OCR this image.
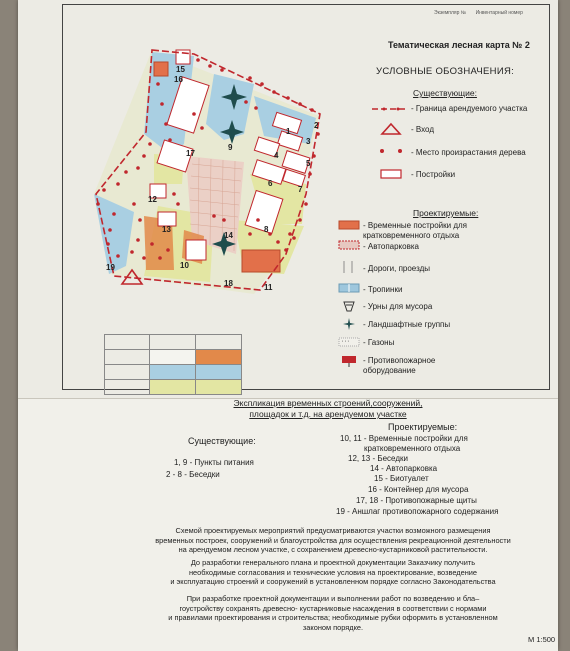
Экземпляр № Инвентарный номер
Тематическая лесная карта № 2
УСЛОВНЫЕ ОБОЗНАЧЕНИЯ:
Существующие:
- Граница арендуемого участка
- Вход
- Место произрастания дерева
- Постройки
Проектируемые:
- Временные постройки для
кратковременного отдыха
- Автопарковка
- Дороги, проезды
- Тропинки
- Урны для мусора
- Ландшафтные группы
' ' ' - Газоны
- Противопожарное
оборудование
15
16
1
2
3
4
5
6
7
8
9
10
11
12
13
14
17
18
19

Экспликация временных строений,сооружений,
площадок и т.д. на арендуемом участке
Существующие:
1, 9 - Пункты питания
2 - 8 - Беседки
Проектируемые:
10, 11 - Временные постройки для
кратковременного отдыха
12, 13 - Беседки
14 - Автопарковка
15 - Биотуалет
16 - Контейнер для мусора
17, 18 - Противопожарные щиты
19 - Аншлаг противопожарного содержания
Схемой проектируемых мероприятий предусматриваются участки возможного размещения
временных построек, сооружений и благоустройства для осуществления рекреационной деятельности
на арендуемом лесном участке, с сохранением древесно-кустарниковой растительности.
До разработки генерального плана и проектной документации Заказчику получить
необходимые согласования и технические условия на проектирование, возведение
и эксплуатацию строений и сооружений в установленном порядке согласно Законодательства
При разработке проектной документации и выполнении работ по возведению и бла–
гоустройству сохранять древесно- кустарниковые насаждения в соответствии с нормами
и правилами проектирования и строительства; необходимые рубки оформить в установленном
законом порядке.
М 1:500
